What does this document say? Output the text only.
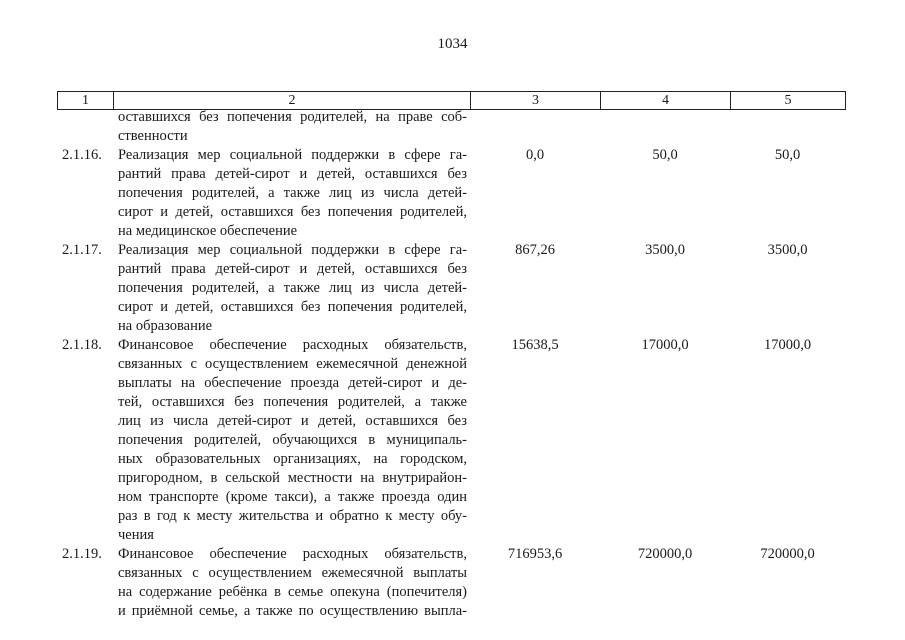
1034
1	2	3	4	5
оставшихся без попечения родителей, на праве соб-
ственности
2.1.16. Реализация мер социальной поддержки в сфере га-
рантий права детей-сирот и детей, оставшихся без
попечения родителей, а также лиц из числа детей-
сирот и детей, оставшихся без попечения родителей,
на медицинское обеспечение
0,0	50,0	50,0
2.1.17. Реализация мер социальной поддержки в сфере га-
рантий права детей-сирот и детей, оставшихся без
попечения родителей, а также лиц из числа детей-
сирот и детей, оставшихся без попечения родителей,
на образование
867,26	3500,0	3500,0
2.1.18. Финансовое обеспечение расходных обязательств,
связанных с осуществлением ежемесячной денежной
выплаты на обеспечение проезда детей-сирот и де-
тей, оставшихся без попечения родителей, а также
лиц из числа детей-сирот и детей, оставшихся без
попечения родителей, обучающихся в муниципаль-
ных образовательных организациях, на городском,
пригородном, в сельской местности на внутрирайон-
ном транспорте (кроме такси), а также проезда один
раз в год к месту жительства и обратно к месту обу-
чения
15638,5	17000,0	17000,0
2.1.19. Финансовое обеспечение расходных обязательств,
связанных с осуществлением ежемесячной выплаты
на содержание ребёнка в семье опекуна (попечителя)
и приёмной семье, а также по осуществлению выпла-
716953,6	720000,0	720000,0
